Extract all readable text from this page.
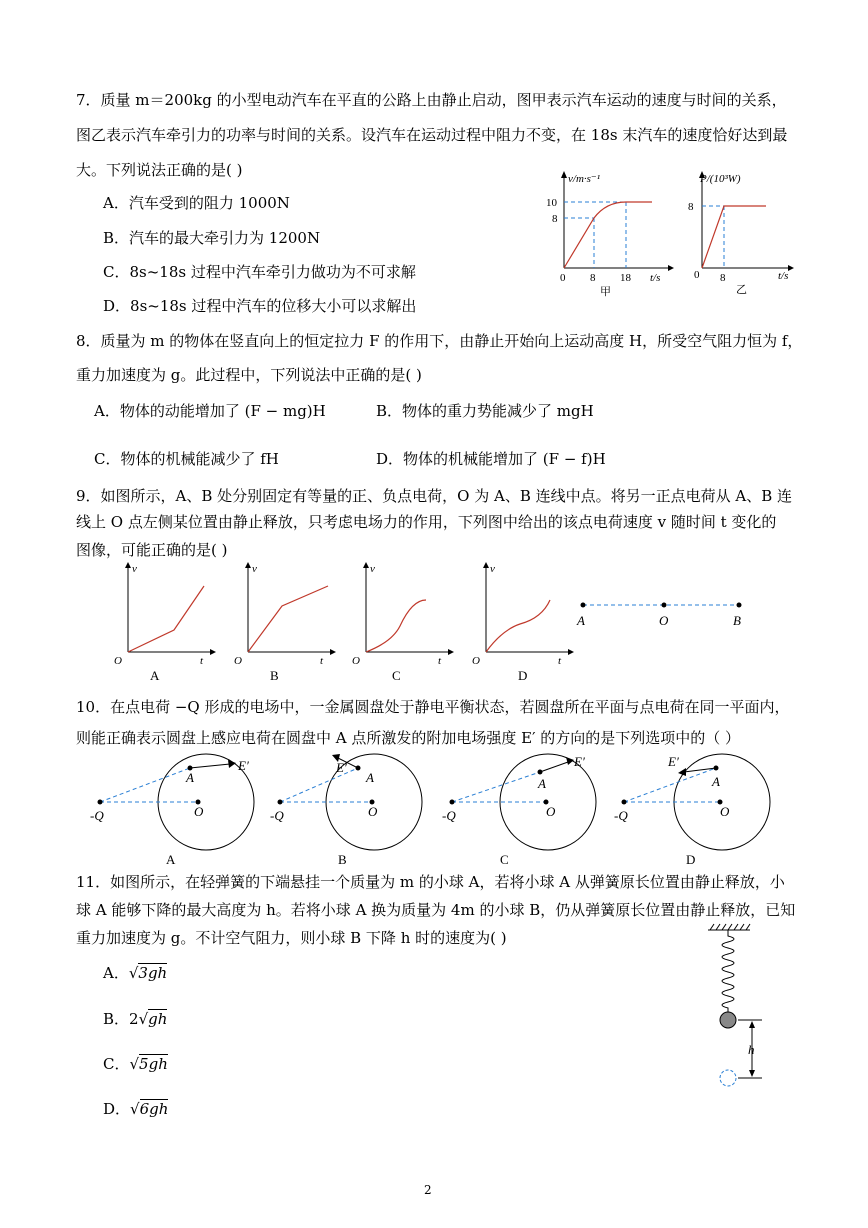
7．质量 m＝200kg 的小型电动汽车在平直的公路上由静止启动，图甲表示汽车运动的速度与时间的关系，
图乙表示汽车牵引力的功率与时间的关系。设汽车在运动过程中阻力不变，在 18s 末汽车的速度恰好达到最
大。下列说法正确的是( )
A．汽车受到的阻力 1000N
B．汽车的最大牵引力为 1200N
C．8s~18s 过程中汽车牵引力做功为不可求解
D．8s~18s 过程中汽车的位移大小可以求解出
v/m·s⁻¹
10
8
0 8 18 t/s
甲
P/(10³W)
8
0 8	t/s
乙
8．质量为 m 的物体在竖直向上的恒定拉力 F 的作用下，由静止开始向上运动高度 H，所受空气阻力恒为 f，
重力加速度为 g。此过程中，下列说法中正确的是( )
A．物体的动能增加了 (F − mg)H	B．物体的重力势能减少了 mgH
C．物体的机械能减少了 fH	D．物体的机械能增加了 (F − f)H
9．如图所示，A、B 处分别固定有等量的正、负点电荷，O 为 A、B 连线中点。将另一正点电荷从 A、B 连
线上 O 点左侧某位置由静止释放，只考虑电场力的作用，下列图中给出的该点电荷速度 v 随时间 t 变化的
图像，可能正确的是( )
v
O	t
A
v
O	t
B
v
O	t
C
v
O	t
D
A	O	B
10．在点电荷 −Q 形成的电场中，一金属圆盘处于静电平衡状态，若圆盘所在平面与点电荷在同一平面内，
则能正确表示圆盘上感应电荷在圆盘中 A 点所激发的附加电场强度 E′ 的方向的是下列选项中的（ ）
E′
A
O
-Q
A
E′
A
O
-Q
B
E′
A
O
-Q
C
E′
A
O
-Q
D
11．如图所示，在轻弹簧的下端悬挂一个质量为 m 的小球 A，若将小球 A 从弹簧原长位置由静止释放，小
球 A 能够下降的最大高度为 h。若将小球 A 换为质量为 4m 的小球 B，仍从弹簧原长位置由静止释放，已知
重力加速度为 g。不计空气阻力，则小球 B 下降 h 时的速度为( )
A．√3gh
B．2√gh
C．√5gh
D．√6gh
h
2
